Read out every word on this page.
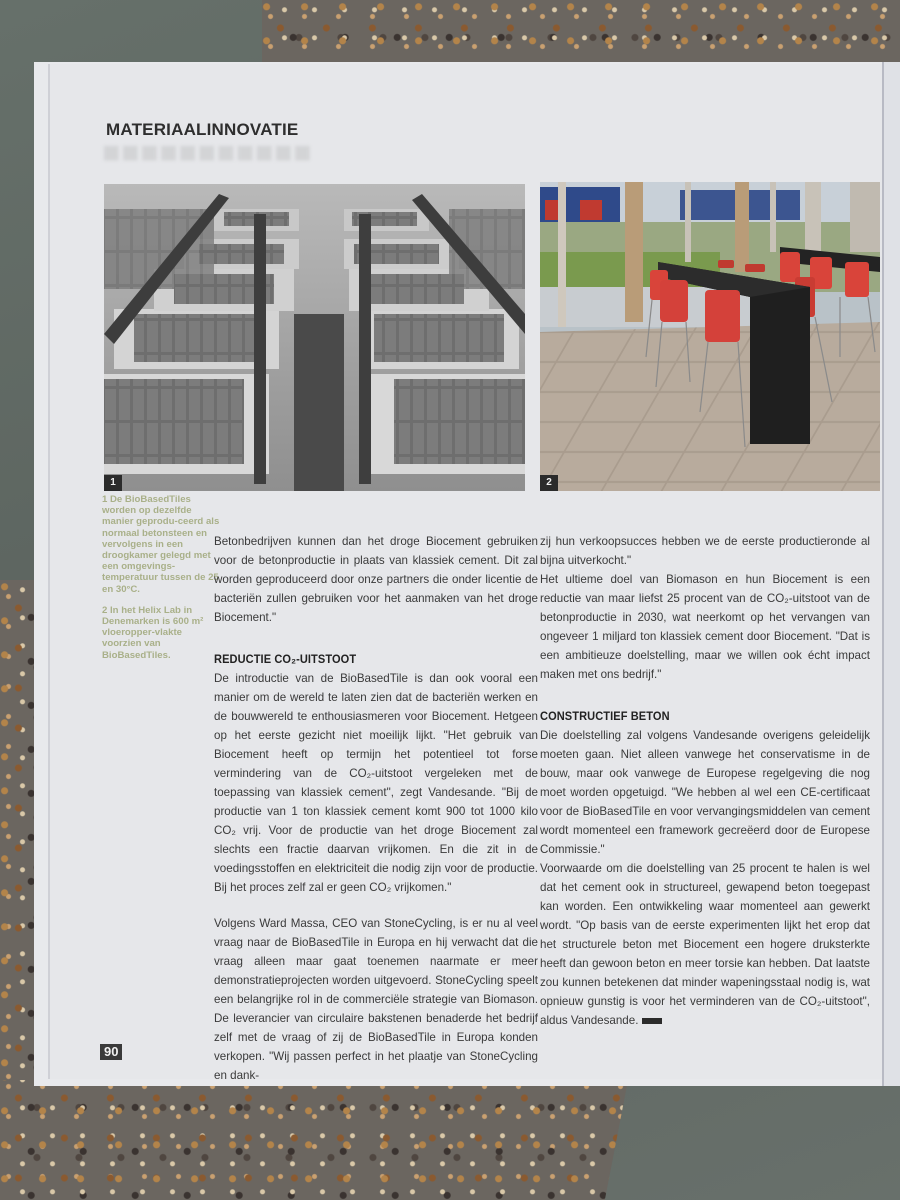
■■■■■■■■■■■
MATERIAALINNOVATIE
1	2

1 De BioBasedTiles worden op dezelfde manier geprodu-ceerd als normaal betonsteen en vervolgens in een droogkamer gelegd met een omgevings-temperatuur tussen de 25 en 30°C.

2 In het Helix Lab in Denemarken is 600 m² vloeropper-vlakte voorzien van BioBasedTiles.

Betonbedrijven kunnen dan het droge Biocement gebruiken voor de betonproductie in plaats van klassiek cement. Dit zal worden geproduceerd door onze partners die onder licentie de bacteriën zullen gebruiken voor het aanmaken van het droge Biocement."

REDUCTIE CO₂-UITSTOOT

De introductie van de BioBasedTile is dan ook vooral een manier om de wereld te laten zien dat de bacteriën werken en de bouwwereld te enthousiasmeren voor Biocement. Hetgeen op het eerste gezicht niet moeilijk lijkt. "Het gebruik van Biocement heeft op termijn het potentieel tot forse vermindering van de CO₂-uitstoot vergeleken met de toepassing van klassiek cement", zegt Vandesande. "Bij de productie van 1 ton klassiek cement komt 900 tot 1000 kilo CO₂ vrij. Voor de productie van het droge Biocement zal slechts een fractie daarvan vrijkomen. En die zit in de voedingsstoffen en elektriciteit die nodig zijn voor de productie. Bij het proces zelf zal er geen CO₂ vrijkomen."

Volgens Ward Massa, CEO van StoneCycling, is er nu al veel vraag naar de BioBasedTile in Europa en hij verwacht dat die vraag alleen maar gaat toenemen naarmate er meer demonstratieprojecten worden uitgevoerd. StoneCycling speelt een belangrijke rol in de commerciële strategie van Biomason. De leverancier van circulaire bakstenen benaderde het bedrijf zelf met de vraag of zij de BioBasedTile in Europa konden verkopen. "Wij passen perfect in het plaatje van StoneCycling en dank-

zij hun verkoopsucces hebben we de eerste productieronde al bijna uitverkocht."

Het ultieme doel van Biomason en hun Biocement is een reductie van maar liefst 25 procent van de CO₂-uitstoot van de betonproductie in 2030, wat neerkomt op het vervangen van ongeveer 1 miljard ton klassiek cement door Biocement. "Dat is een ambitieuze doelstelling, maar we willen ook écht impact maken met ons bedrijf."

CONSTRUCTIEF BETON

Die doelstelling zal volgens Vandesande overigens geleidelijk moeten gaan. Niet alleen vanwege het conservatisme in de bouw, maar ook vanwege de Europese regelgeving die nog moet worden opgetuigd. "We hebben al wel een CE-certificaat voor de BioBasedTile en voor vervangingsmiddelen van cement wordt momenteel een framework gecreëerd door de Europese Commissie."

Voorwaarde om die doelstelling van 25 procent te halen is wel dat het cement ook in structureel, gewapend beton toegepast kan worden. Een ontwikkeling waar momenteel aan gewerkt wordt. "Op basis van de eerste experimenten lijkt het erop dat het structurele beton met Biocement een hogere druksterkte heeft dan gewoon beton en meer torsie kan hebben. Dat laatste zou kunnen betekenen dat minder wapeningsstaal nodig is, wat opnieuw gunstig is voor het verminderen van de CO₂-uitstoot", aldus Vandesande.

90
